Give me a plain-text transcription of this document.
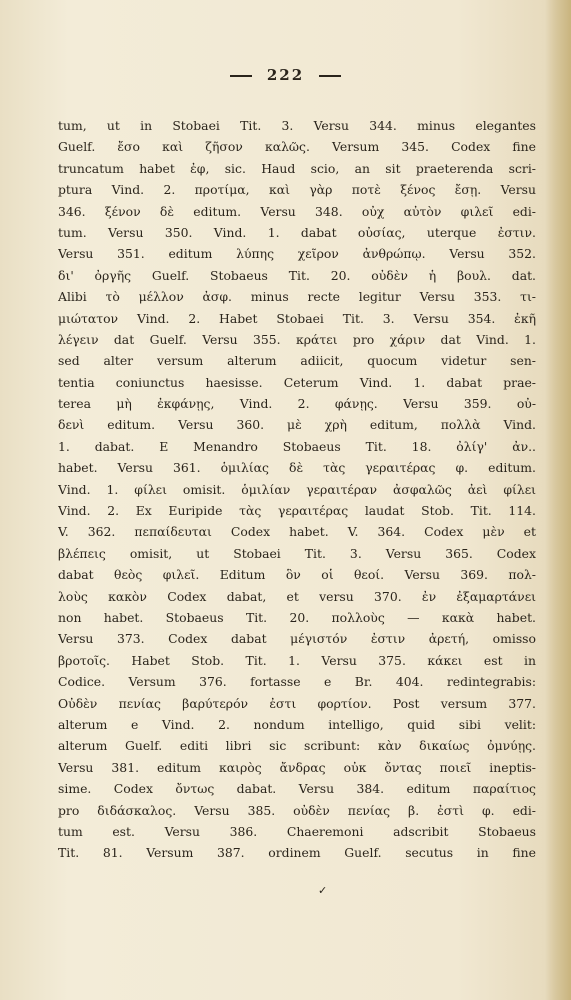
222
tum, ut in Stobaei Tit. 3. Versu 344. minus elegantes
Guelf. ἔσο καὶ ζῆσον καλῶς. Versum 345. Codex fine
truncatum habet ἐφ, sic. Haud scio, an sit praeterenda scri-
ptura Vind. 2. προτίμα, καὶ γὰρ ποτὲ ξένος ἔσῃ. Versu
346. ξένον δὲ editum. Versu 348. οὐχ αὐτὸν φιλεῖ edi-
tum. Versu 350. Vind. 1. dabat οὐσίας, uterque ἐστιν.
Versu 351. editum λύπης χεῖρον ἀνθρώπῳ. Versu 352.
δι' ὀργῆς Guelf. Stobaeus Tit. 20. οὐδὲν ἡ βουλ. dat.
Alibi τὸ μέλλον ἀσφ. minus recte legitur Versu 353. τι-
μιώτατον Vind. 2. Habet Stobaei Tit. 3. Versu 354. ἐκῆ
λέγειν dat Guelf. Versu 355. κράτει pro χάριν dat Vind. 1.
sed alter versum alterum adiicit, quocum videtur sen-
tentia coniunctus haesisse. Ceterum Vind. 1. dabat prae-
terea μὴ ἐκφάνῃς, Vind. 2. φάνῃς. Versu 359. οὐ-
δενὶ editum. Versu 360. μὲ χρὴ editum, πολλὰ Vind.
1. dabat. E Menandro Stobaeus Tit. 18. ὀλίγ' ἀν..
habet. Versu 361. ὁμιλίας δὲ τὰς γεραιτέρας φ. editum.
Vind. 1. φίλει omisit. ὁμιλίαν γεραιτέραν ἀσφαλῶς ἀεὶ φίλει
Vind. 2. Ex Euripide τὰς γεραιτέρας laudat Stob. Tit. 114.
V. 362. πεπαίδευται Codex habet. V. 364. Codex μὲν et
βλέπεις omisit, ut Stobaei Tit. 3. Versu 365. Codex
dabat θεὸς φιλεῖ. Editum ὃν οἱ θεοί. Versu 369. πολ-
λοὺς κακὸν Codex dabat, et versu 370. ἐν ἐξαμαρτάνει
non habet. Stobaeus Tit. 20. πολλοὺς — κακὰ habet.
Versu 373. Codex dabat μέγιστόν ἐστιν ἀρετή, omisso
βροτοῖς. Habet Stob. Tit. 1. Versu 375. κάκει est in
Codice. Versum 376. fortasse e Br. 404. redintegrabis:
Οὐδὲν πενίας βαρύτερόν ἐστι φορτίον. Post versum 377.
alterum e Vind. 2. nondum intelligo, quid sibi velit:
alterum Guelf. editi libri sic scribunt: κὰν δικαίως ὀμνύῃς.
Versu 381. editum καιρὸς ἄνδρας οὐκ ὄντας ποιεῖ ineptis-
sime. Codex ὄντως dabat. Versu 384. editum παραίτιος
pro διδάσκαλος. Versu 385. οὐδὲν πενίας β. ἐστὶ φ. edi-
tum est. Versu 386. Chaeremoni adscribit Stobaeus
Tit. 81. Versum 387. ordinem Guelf. secutus in fine
✓
